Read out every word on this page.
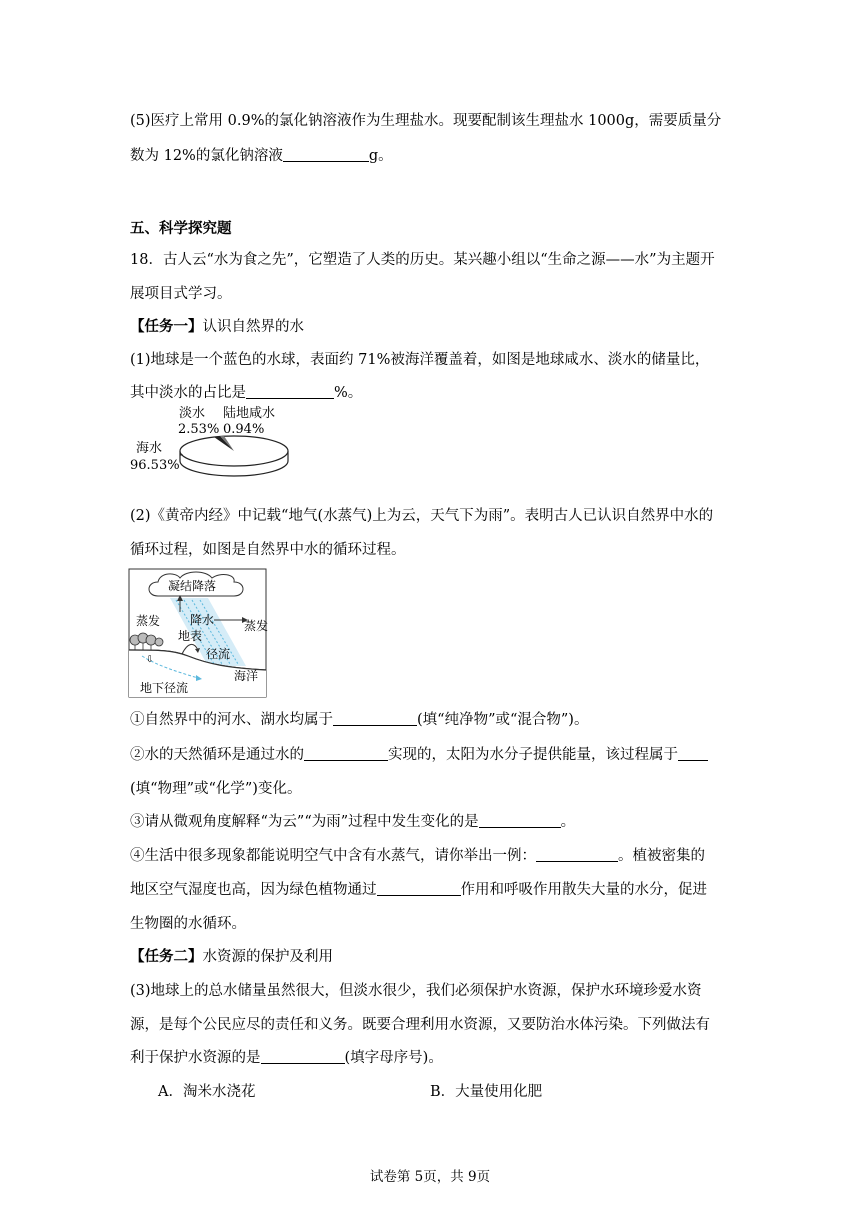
(5)医疗上常用 0.9%的氯化钠溶液作为生理盐水。现要配制该生理盐水 1000g，需要质量分
数为 12%的氯化钠溶液	g。
五、科学探究题
18．古人云“水为食之先”，它塑造了人类的历史。某兴趣小组以“生命之源——水”为主题开
展项目式学习。
【任务一】认识自然界的水
(1)地球是一个蓝色的水球，表面约 71%被海洋覆盖着，如图是地球咸水、淡水的储量比，
其中淡水的占比是	%。
淡水
2.53%
陆地咸水
0.94%
海水
96.53%
(2)《黄帝内经》中记载“地气(水蒸气)上为云，天气下为雨”。表明古人已认识自然界中水的
循环过程，如图是自然界中水的循环过程。
凝结降落
⇩
蒸发 降水 蒸发
地表
径流
海洋
地下径流
①自然界中的河水、湖水均属于	(填“纯净物”或“混合物”)。
②水的天然循环是通过水的	实现的，太阳为水分子提供能量，该过程属于
(填“物理”或“化学”)变化。
③请从微观角度解释“为云”“为雨”过程中发生变化的是	。
④生活中很多现象都能说明空气中含有水蒸气，请你举出一例：	。植被密集的
地区空气湿度也高，因为绿色植物通过	作用和呼吸作用散失大量的水分，促进
生物圈的水循环。
【任务二】水资源的保护及利用
(3)地球上的总水储量虽然很大，但淡水很少，我们必须保护水资源，保护水环境珍爱水资
源，是每个公民应尽的责任和义务。既要合理利用水资源，又要防治水体污染。下列做法有
利于保护水资源的是	(填字母序号)。
A．淘米水浇花	B．大量使用化肥
试卷第 5页，共 9页
